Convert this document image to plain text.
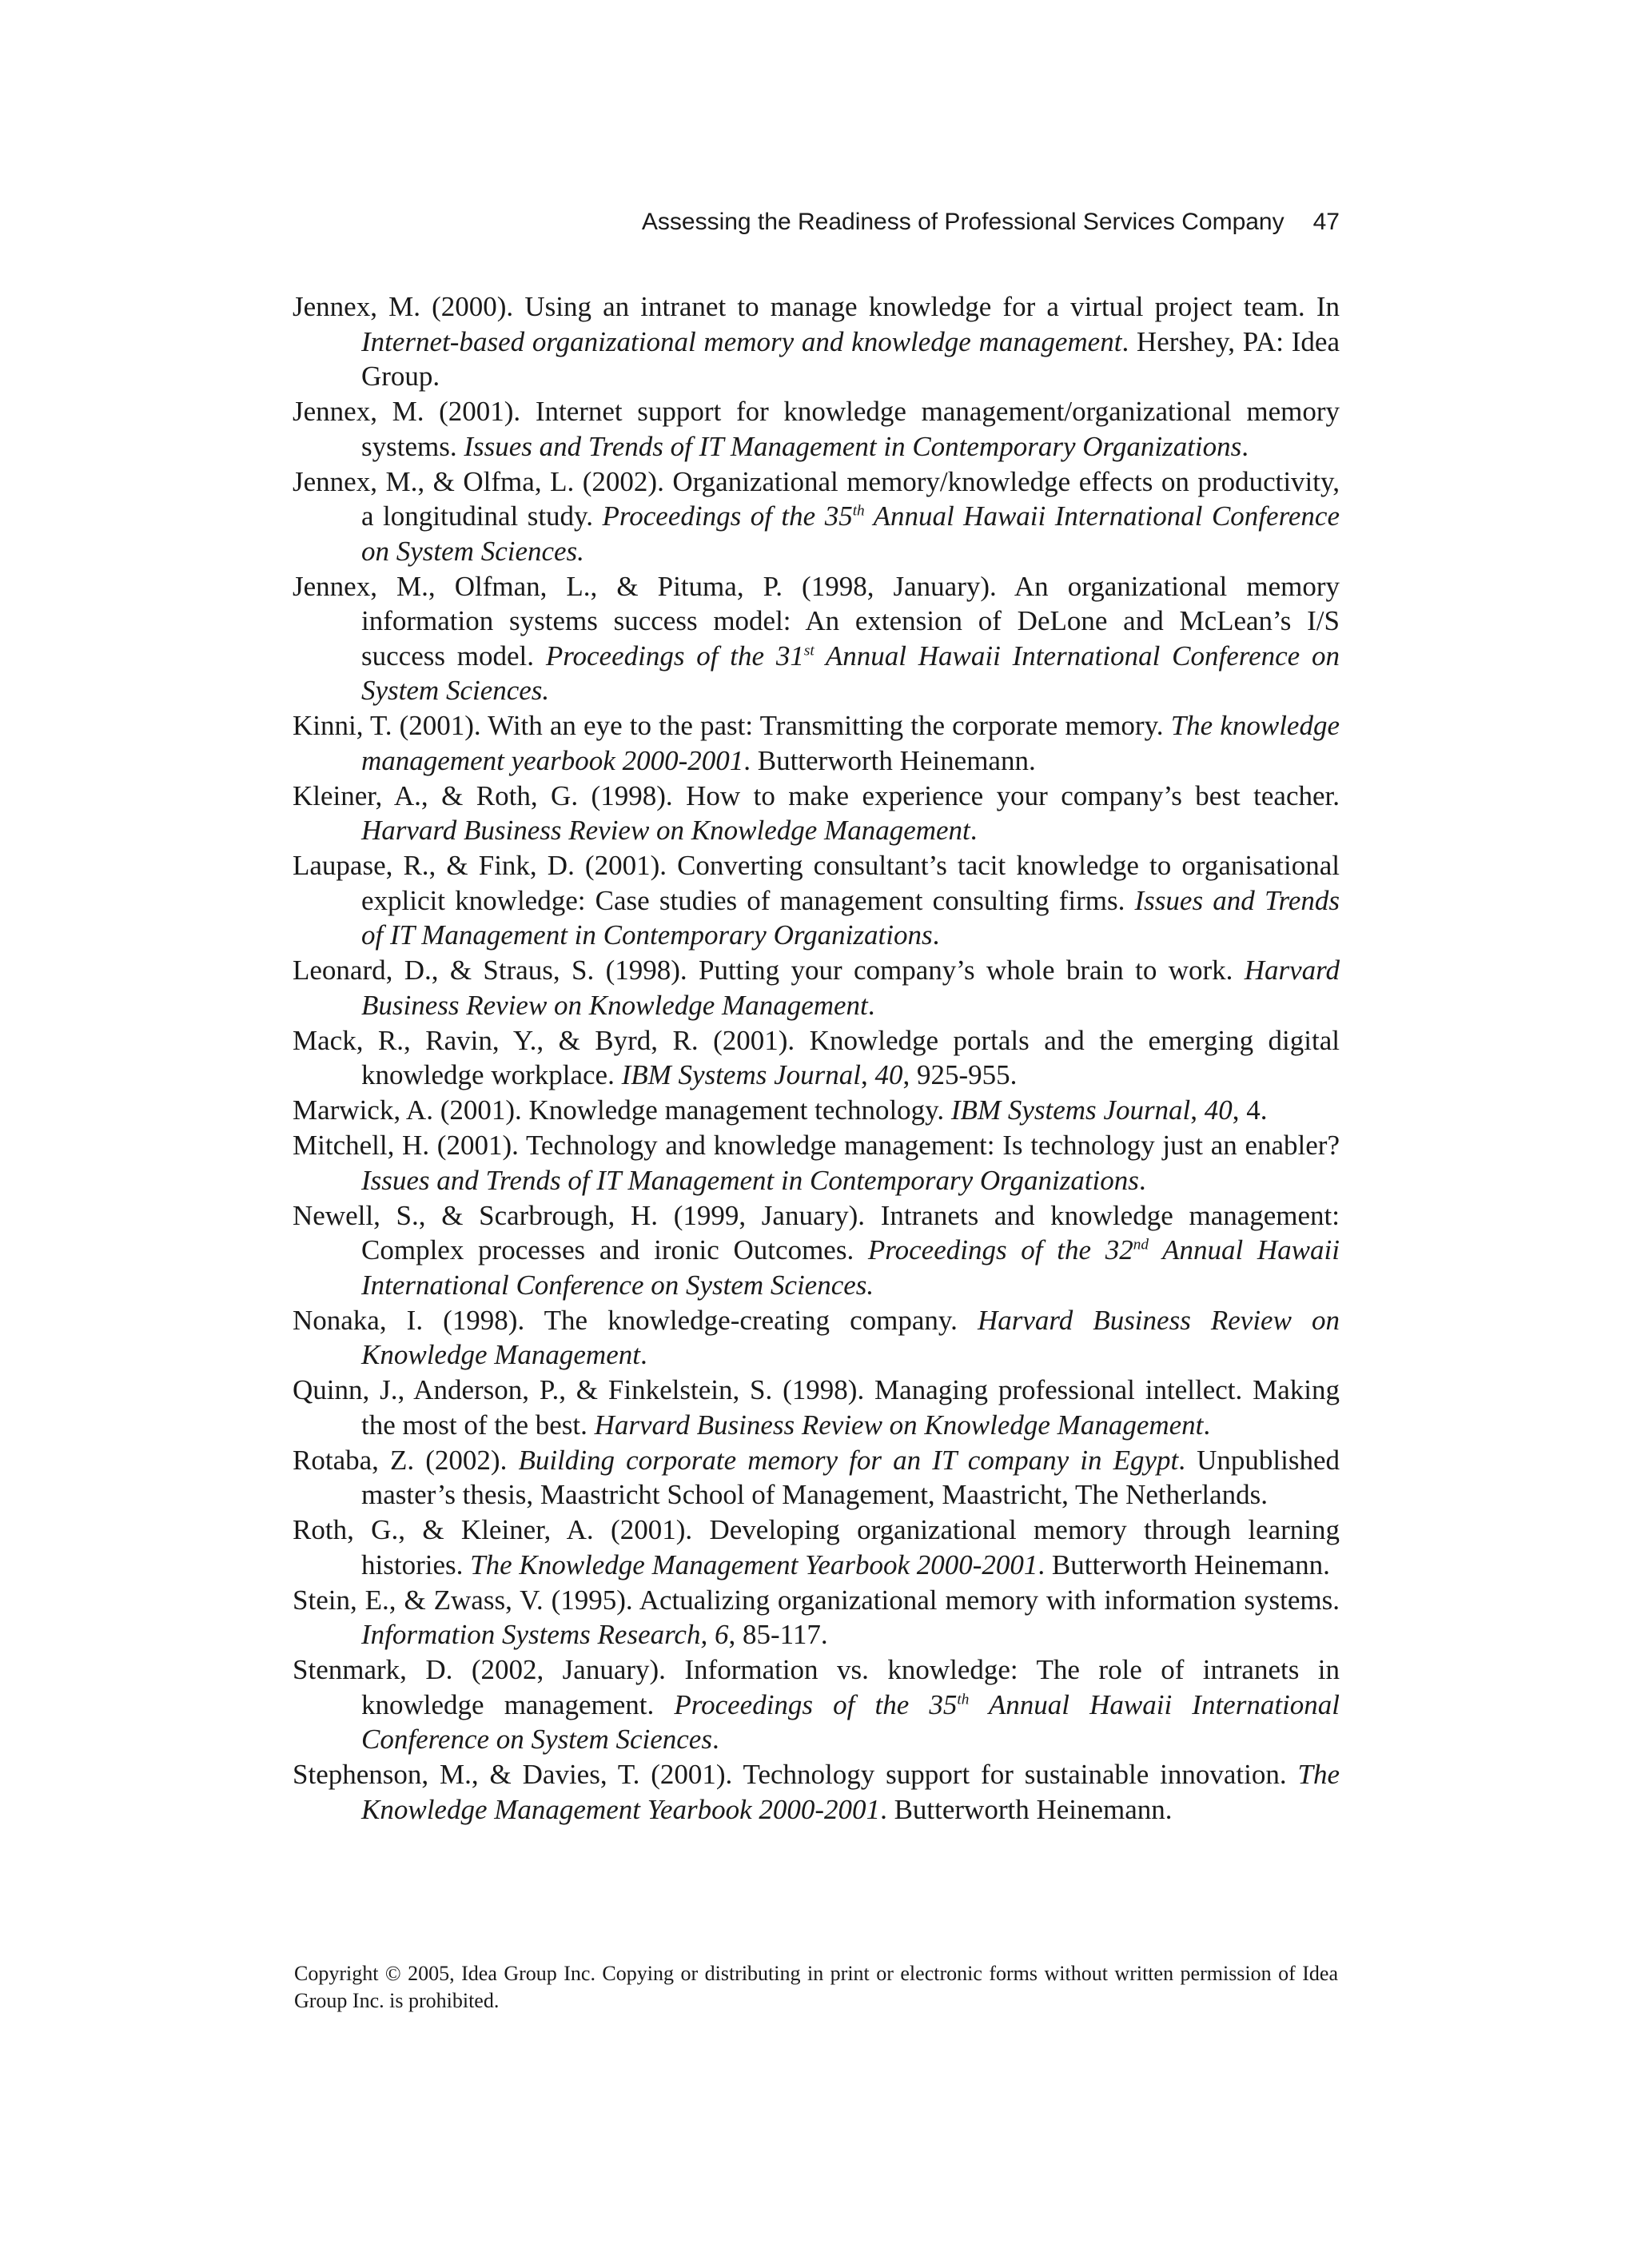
Assessing the Readiness of Professional Services Company 47

Jennex, M. (2000). Using an intranet to manage knowledge for a virtual project team. In Internet-based organizational memory and knowledge management. Hershey, PA: Idea Group.

Jennex, M. (2001). Internet support for knowledge management/organizational memory systems. Issues and Trends of IT Management in Contemporary Organizations.

Jennex, M., & Olfma, L. (2002). Organizational memory/knowledge effects on productivity, a longitudinal study. Proceedings of the 35th Annual Hawaii International Conference on System Sciences.

Jennex, M., Olfman, L., & Pituma, P. (1998, January). An organizational memory information systems success model: An extension of DeLone and McLean’s I/S success model. Proceedings of the 31st Annual Hawaii International Conference on System Sciences.

Kinni, T. (2001). With an eye to the past: Transmitting the corporate memory. The knowledge management yearbook 2000-2001. Butterworth Heinemann.

Kleiner, A., & Roth, G. (1998). How to make experience your company’s best teacher. Harvard Business Review on Knowledge Management.

Laupase, R., & Fink, D. (2001). Converting consultant’s tacit knowledge to organisational explicit knowledge: Case studies of management consulting firms. Issues and Trends of IT Management in Contemporary Organizations.

Leonard, D., & Straus, S. (1998). Putting your company’s whole brain to work. Harvard Business Review on Knowledge Management.

Mack, R., Ravin, Y., & Byrd, R. (2001). Knowledge portals and the emerging digital knowledge workplace. IBM Systems Journal, 40, 925-955.

Marwick, A. (2001). Knowledge management technology. IBM Systems Journal, 40, 4.

Mitchell, H. (2001). Technology and knowledge management: Is technology just an enabler? Issues and Trends of IT Management in Contemporary Organizations.

Newell, S., & Scarbrough, H. (1999, January). Intranets and knowledge management: Complex processes and ironic Outcomes. Proceedings of the 32nd Annual Hawaii International Conference on System Sciences.

Nonaka, I. (1998). The knowledge-creating company. Harvard Business Review on Knowledge Management.

Quinn, J., Anderson, P., & Finkelstein, S. (1998). Managing professional intellect. Making the most of the best. Harvard Business Review on Knowledge Management.

Rotaba, Z. (2002). Building corporate memory for an IT company in Egypt. Unpublished master’s thesis, Maastricht School of Management, Maastricht, The Netherlands.

Roth, G., & Kleiner, A. (2001). Developing organizational memory through learning histories. The Knowledge Management Yearbook 2000-2001. Butterworth Heinemann.

Stein, E., & Zwass, V. (1995). Actualizing organizational memory with information systems. Information Systems Research, 6, 85-117.

Stenmark, D. (2002, January). Information vs. knowledge: The role of intranets in knowledge management. Proceedings of the 35th Annual Hawaii International Conference on System Sciences.

Stephenson, M., & Davies, T. (2001). Technology support for sustainable innovation. The Knowledge Management Yearbook 2000-2001. Butterworth Heinemann.

Copyright © 2005, Idea Group Inc. Copying or distributing in print or electronic forms without written permission of Idea Group Inc. is prohibited.
